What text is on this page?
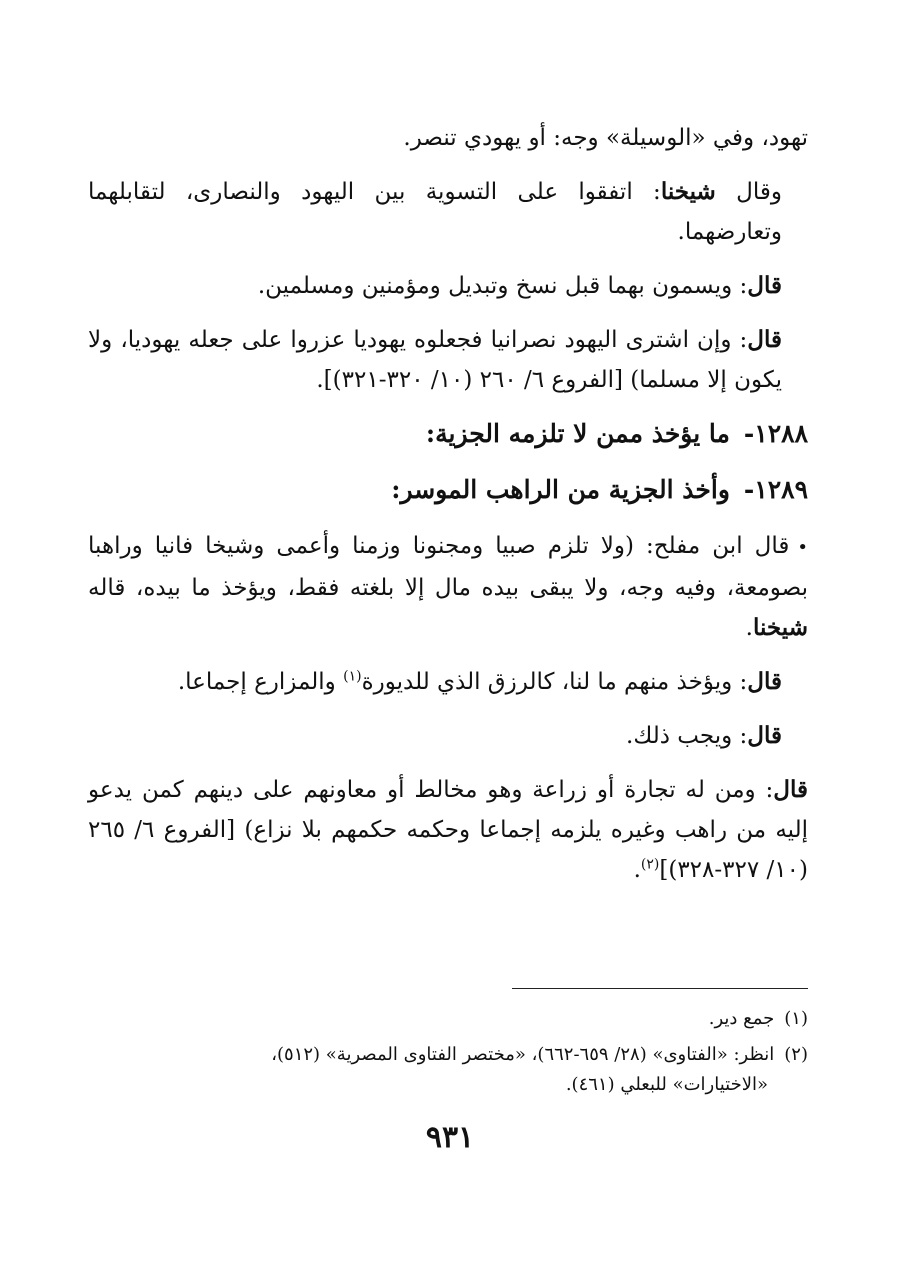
تهود، وفي «الوسيلة» وجه: أو يهودي تنصر.

وقال شيخنا: اتفقوا على التسوية بين اليهود والنصارى، لتقابلهما وتعارضهما.

قال: ويسمون بهما قبل نسخ وتبديل ومؤمنين ومسلمين.

قال: وإن اشترى اليهود نصرانيا فجعلوه يهوديا عزروا على جعله يهوديا، ولا يكون إلا مسلما) [الفروع ٦/ ٢٦٠ (١٠/ ٣٢٠-٣٢١)].

١٢٨٨-ما يؤخذ ممن لا تلزمه الجزية:
١٢٨٩-وأخذ الجزية من الراهب الموسر:

•قال ابن مفلح: (ولا تلزم صبيا ومجنونا وزمنا وأعمى وشيخا فانيا وراهبا بصومعة، وفيه وجه، ولا يبقى بيده مال إلا بلغته فقط، ويؤخذ ما بيده، قاله شيخنا.

قال: ويؤخذ منهم ما لنا، كالرزق الذي للديورة$^{(١)}$ والمزارع إجماعا.

قال: ويجب ذلك.

قال: ومن له تجارة أو زراعة وهو مخالط أو معاونهم على دينهم كمن يدعو إليه من راهب وغيره يلزمه إجماعا وحكمه حكمهم بلا نزاع) [الفروع ٦/ ٢٦٥ (١٠/ ٣٢٧-٣٢٨)]$^{(٢)}$.

(١)جمع دير.
(٢)انظر: «الفتاوى» (٢٨/ ٦٥٩-٦٦٢)، «مختصر الفتاوى المصرية» (٥١٢)،
«الاختيارات» للبعلي (٤٦١).
٩٣١
